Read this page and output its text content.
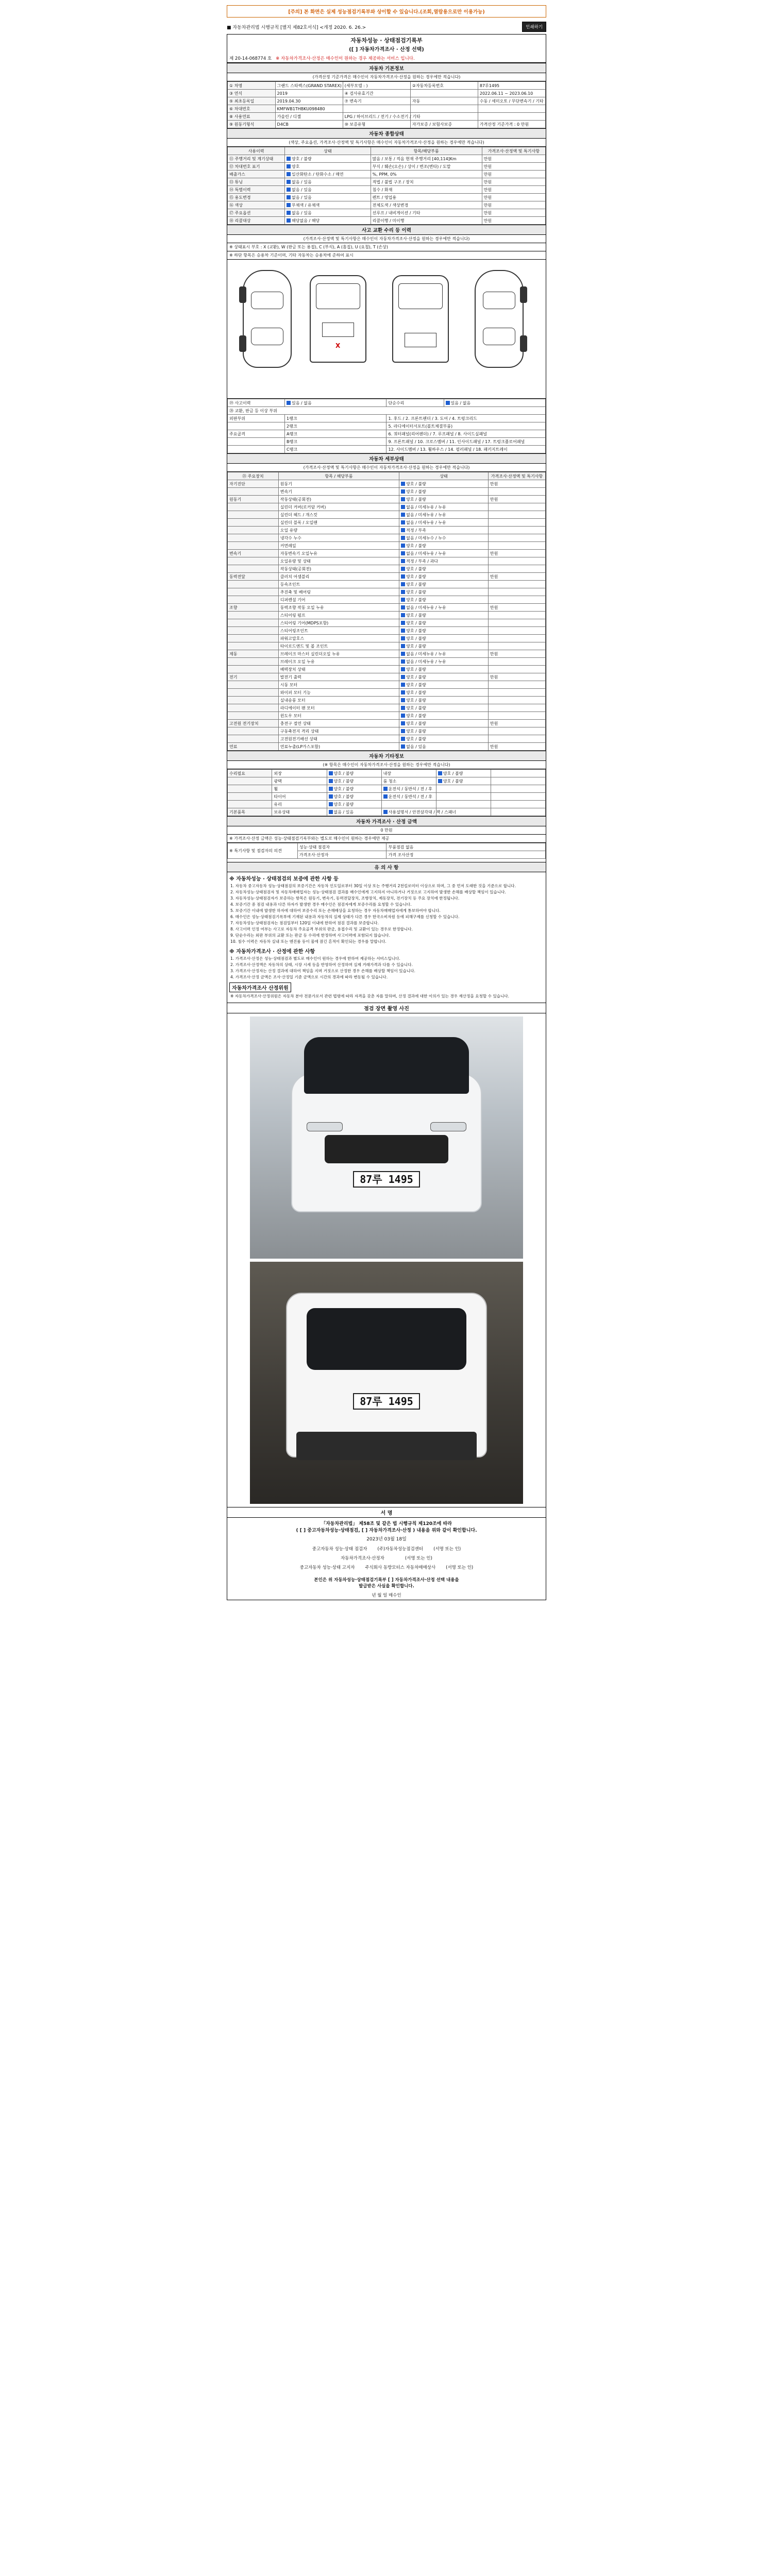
[주의] 본 화면은 실제 성능점검기록부와 상이할 수 있습니다.(조회,열람용으로만 이용가능)
■ 자동차관리법 시행규칙 [별지 제82호서식] <개정 2020. 6. 26.>	인쇄하기
자동차성능 · 상태점검기록부
([ ] 자동차가격조사 · 산정 선택)
제 20-14-068774 호 ※ 자동차가격조사·산정은 매수인이 원하는 경우 제공하는 서비스 입니다.
자동차 기본정보
(가격산정 기준가격은 매수인이 자동차가격조사·산정을 원하는 경우에만 적습니다)
① 차명	그랜드 스타렉스(GRAND STAREX)	(세부모델 : )	②자동차등록번호	87루1495
③ 연식	2019	④ 검사유효기간		2022.06.11 ~ 2023.06.10
⑤ 최초등록일	2019.04.30	⑦ 변속기	자동	수동 / 세미오토 / 무단변속기 / 기타
⑥ 차대번호	KMFWB1THBKU098480			
⑧ 사용연료	가솔린 / 디젤	LPG / 하이브리드 / 전기 / 수소전기 / 기타		
⑨ 원동기형식	D4CB	⑩ 보증유형	자가보증 / 보험사보증	가격산정 기준가격 : 0 만원
자동차 종합상태
(색상, 주요옵션, 가격조사·산정액 및 특기사항은 매수인이 자동차가격조사·산정을 원하는 경우에만 적습니다)
사용이력	상태	항목/해당부품	가격조사·산정액 및 특기사항
⑪ 주행거리 및 계기상태	양호 / 불량	많음 / 보통 / 적음 현재 주행거리 [40,114]Km	만원
⑫ 차대번호 표기	양호	부식 / 훼손(오손) / 상이 / 변조(변타) / 도말	만원
배출가스	일산화탄소 / 탄화수소 / 매연	%, PPM, 0%	만원
⑬ 튜닝	없음 / 있음	적법 / 불법 구조 / 장치	만원
⑭ 특별이력	없음 / 있음	침수 / 화재	만원
⑮ 용도변경	없음 / 있음	렌트 / 영업용	만원
⑯ 색상	무채색 / 유채색	전체도색 / 색상변경	만원
⑰ 주요옵션	없음 / 있음	선루프 / 내비게이션 / 기타	만원
⑱ 리콜대상	해당없음 / 해당	리콜이행 / 미이행	만원
사고 교환 수리 등 이력
(가격조사·산정액 및 특기사항은 매수인이 자동차가격조사·산정을 원하는 경우에만 적습니다)
※ 상태표시 부호 : X (교환), W (판금 또는 용접), C (부식), A (흠집), U (요철), T (손상)
※ 하단 항목은 승용차 기준이며, 기타 자동차는 승용차에 준하여 표시
X
⑲ 사고이력	있음 / 없음	단순수리	있음 / 없음
⑳ 교환, 판금 등 이상 부위			
외판부위	1랭크	1. 후드 / 2. 프론트펜더 / 3. 도어 / 4. 트렁크리드	
	2랭크	5. 라디에이터서포트(볼트체결부품)	
주요골격	A랭크	6. 쿼터패널(리어펜더) / 7. 루프패널 / 8. 사이드실패널	
	B랭크	9. 프론트패널 / 10. 크로스멤버 / 11. 인사이드패널 / 17. 트렁크플로어패널	
	C랭크	12. 사이드멤버 / 13. 휠하우스 / 14. 필러패널 / 18. 패키지트레이	
자동차 세부상태
(가격조사·산정액 및 특기사항은 매수인이 자동차가격조사·산정을 원하는 경우에만 적습니다)
㉑ 주요장치	항목 / 해당부품	상태	가격조사·산정액 및 특기사항
자기진단	원동기	양호 / 불량	만원
	변속기	양호 / 불량	
원동기	작동상태(공회전)	양호 / 불량	만원
	실린더 커버(로커암 커버)	없음 / 미세누유 / 누유	
	실린더 헤드 / 개스킷	없음 / 미세누유 / 누유	
	실린더 블록 / 오일팬	없음 / 미세누유 / 누유	
	오일 유량	적정 / 부족	
	냉각수 누수	없음 / 미세누수 / 누수	
	커먼레일	양호 / 불량	
변속기	자동변속기 오일누유	없음 / 미세누유 / 누유	만원
	오일유량 및 상태	적정 / 부족 / 과다	
	작동상태(공회전)	양호 / 불량	
동력전달	클러치 어셈블리	양호 / 불량	만원
	등속조인트	양호 / 불량	
	추진축 및 베어링	양호 / 불량	
	디퍼렌셜 기어	양호 / 불량	
조향	동력조향 작동 오일 누유	없음 / 미세누유 / 누유	만원
	스티어링 펌프	양호 / 불량	
	스티어링 기어(MDPS포함)	양호 / 불량	
	스티어링조인트	양호 / 불량	
	파워고압호스	양호 / 불량	
	타이로드엔드 및 볼 조인트	양호 / 불량	
제동	브레이크 마스터 실린더오일 누유	없음 / 미세누유 / 누유	만원
	브레이크 오일 누유	없음 / 미세누유 / 누유	
	배력장치 상태	양호 / 불량	
전기	발전기 출력	양호 / 불량	만원
	시동 모터	양호 / 불량	
	와이퍼 모터 기능	양호 / 불량	
	실내송풍 모터	양호 / 불량	
	라디에이터 팬 모터	양호 / 불량	
	윈도우 모터	양호 / 불량	
고전원 전기장치	충전구 절연 상태	양호 / 불량	만원
	구동축전지 격리 상태	양호 / 불량	
	고전원전기배선 상태	양호 / 불량	
연료	연료누출(LP가스포함)	없음 / 있음	만원
자동차 기타정보
(※ 항목은 매수인이 자동차가격조사·산정을 원하는 경우에만 적습니다)
수리필요	외장	양호 / 불량	내장	양호 / 불량	
	광택	양호 / 불량	룸 청소	양호 / 불량	
	휠	양호 / 불량	운전석 / 동반석 / 전 / 후		
	타이어	양호 / 불량	운전석 / 동반석 / 전 / 후		
	유리	양호 / 불량			
기본품목	보유상태	없음 / 있음	사용설명서 / 안전삼각대 / 잭 / 스패너		
자동차 가격조사 · 산정 금액
0 만원
※ 가격조사·산정 금액은 성능·상태점검기록부와는 별도로 매수인이 원하는 경우에만 제공
※ 특기사항 및 점검자의 의견	성능·상태 점검자	부품점검 없음
	가격조사·산정자	가격 조사산정
유 의 사 항
※ 자동차성능 · 상태점검의 보증에 관한 사항 등

1. 자동차 중고자동차 성능·상태점검의 보증기간은 자동차 인도일로부터 30일 이상 또는 주행거리 2천킬로미터 이상으로 하며, 그 중 먼저 도래한 것을 기준으로 합니다.

2. 자동차성능·상태점검자 및 자동차매매업자는 성능·상태점검 결과를 매수인에게 고지하지 아니하거나 거짓으로 고지하여 발생한 손해를 배상할 책임이 있습니다.

3. 자동차성능·상태점검자가 보증하는 항목은 원동기, 변속기, 동력전달장치, 조향장치, 제동장치, 전기장치 등 주요 장치에 한정됩니다.

4. 보증기간 중 점검 내용과 다른 하자가 발생한 경우 매수인은 점검자에게 보증수리를 요청할 수 있습니다.

5. 보증기간 이내에 발생한 하자에 대하여 보증수리 또는 손해배상을 요청하는 경우 자동차매매업자에게 통보하여야 합니다.

6. 매수인은 성능·상태점검기록부에 기재된 내용과 자동차의 실제 상태가 다른 경우 한국소비자원 등에 피해구제를 신청할 수 있습니다.

7. 자동차성능·상태점검자는 점검일부터 120일 이내에 한하여 점검 결과를 보증합니다.

8. 사고이력 인정 여부는 사고로 자동차 주요골격 부위의 판금, 용접수리 및 교환이 있는 경우로 한정합니다.

9. 단순수리는 외판 부위의 교환 또는 판금 등 수리에 한정하며 사고이력에 포함되지 않습니다.

10. 침수 이력은 자동차 실내 또는 엔진룸 등이 물에 잠긴 흔적이 확인되는 경우를 말합니다.

※ 자동차가격조사 · 산정에 관한 사항

1. 가격조사·산정은 성능·상태점검과 별도로 매수인이 원하는 경우에 한하여 제공하는 서비스입니다.

2. 가격조사·산정액은 자동차의 상태, 시장 시세 등을 반영하여 산정하며 실제 거래가격과 다를 수 있습니다.

3. 가격조사·산정자는 산정 결과에 대하여 책임을 지며 거짓으로 산정한 경우 손해를 배상할 책임이 있습니다.

4. 가격조사·산정 금액은 조사·산정일 기준 금액으로 시간의 경과에 따라 변동될 수 있습니다.

자동차가격조사 산정위원

※ 자동차가격조사·산정위원은 자동차 분야 전문가로서 관련 법령에 따라 자격을 갖춘 자를 말하며, 산정 결과에 대한 이의가 있는 경우 재산정을 요청할 수 있습니다.

점검 장면 촬영 사진
87루 1495
87루 1495
서 명
「자동차관리법」 제58조 및 같은 법 시행규칙 제120조에 따라
( [ ] 중고자동차성능·상태점검, [ ] 자동차가격조사·산정 ) 내용을 위와 같이 확인합니다.
2023년 03월 18일
중고자동차 성능·상태 점검자 (주)자동차성능점검센터 (서명 또는 인)
자동차가격조사·산정자	(서명 또는 인)
중고자동차 성능·상태 고지자 주식회사 동방모터스 자동차매매상사 (서명 또는 인)
본인은 위 자동차성능·상태점검기록부 [ ] 자동차가격조사·산정 선택 내용을
발급받은 사실을 확인합니다.
년 월 일 매수인
